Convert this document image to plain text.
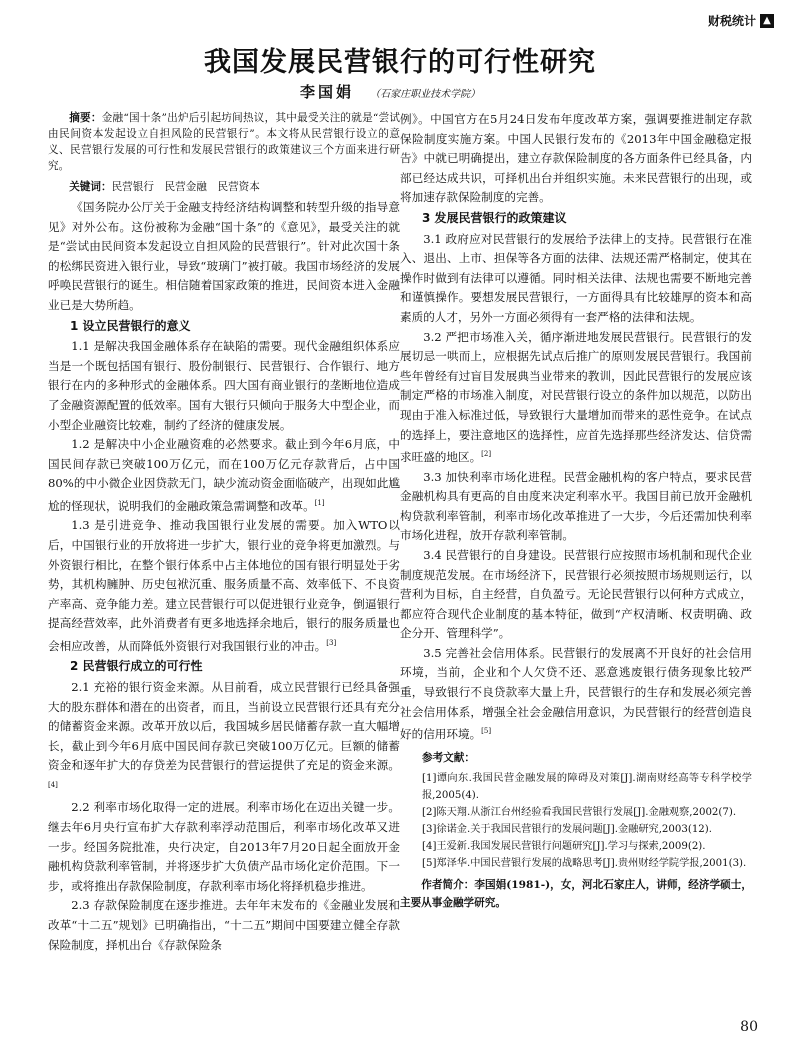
财税统计 ▲
我国发展民营银行的可行性研究
李国娟 （石家庄职业技术学院）

摘要：金融“国十条”出炉后引起坊间热议，其中最受关注的就是“尝试由民间资本发起设立自担风险的民营银行”。本文将从民营银行设立的意义、民营银行发展的可行性和发展民营银行的政策建议三个方面来进行研究。

关键词：民营银行　民营金融　民营资本

《国务院办公厅关于金融支持经济结构调整和转型升级的指导意见》对外公布。这份被称为金融“国十条”的《意见》，最受关注的就是“尝试由民间资本发起设立自担风险的民营银行”。针对此次国十条的松绑民资进入银行业，导致“玻璃门”被打破。我国市场经济的发展呼唤民营银行的诞生。相信随着国家政策的推进，民间资本进入金融业已是大势所趋。

1 设立民营银行的意义

1.1 是解决我国金融体系存在缺陷的需要。现代金融组织体系应当是一个既包括国有银行、股份制银行、民营银行、合作银行、地方银行在内的多种形式的金融体系。四大国有商业银行的垄断地位造成了金融资源配置的低效率。国有大银行只倾向于服务大中型企业，而小型企业融资比较难，制约了经济的健康发展。

1.2 是解决中小企业融资难的必然要求。截止到今年6月底，中国民间存款已突破100万亿元，而在100万亿元存款背后，占中国80%的中小微企业因贷款无门，缺少流动资金面临破产，出现如此尴尬的怪现状，说明我们的金融政策急需调整和改革。[1]

1.3 是引进竞争、推动我国银行业发展的需要。加入WTO以后，中国银行业的开放将进一步扩大，银行业的竞争将更加激烈。与外资银行相比，在整个银行体系中占主体地位的国有银行明显处于劣势，其机构臃肿、历史包袱沉重、服务质量不高、效率低下、不良资产率高、竞争能力差。建立民营银行可以促进银行业竞争，倒逼银行提高经营效率，此外消费者有更多地选择余地后，银行的服务质量也会相应改善，从而降低外资银行对我国银行业的冲击。[3]

2 民营银行成立的可行性

2.1 充裕的银行资金来源。从目前看，成立民营银行已经具备强大的股东群体和潜在的出资者，而且，当前设立民营银行还具有充分的储蓄资金来源。改革开放以后，我国城乡居民储蓄存款一直大幅增长，截止到今年6月底中国民间存款已突破100万亿元。巨额的储蓄资金和逐年扩大的存贷差为民营银行的营运提供了充足的资金来源。[4]

2.2 利率市场化取得一定的进展。利率市场化在迈出关键一步。继去年6月央行宣布扩大存款利率浮动范围后，利率市场化改革又进一步。经国务院批准，央行决定，自2013年7月20日起全面放开金融机构贷款利率管制，并将逐步扩大负债产品市场化定价范围。下一步，或将推出存款保险制度，存款利率市场化将择机稳步推进。

2.3 存款保险制度在逐步推进。去年年末发布的《金融业发展和改革“十二五”规划》已明确指出，“十二五”期间中国要建立健全存款保险制度，择机出台《存款保险条

例》。中国官方在5月24日发布年度改革方案，强调要推进制定存款保险制度实施方案。中国人民银行发布的《2013年中国金融稳定报告》中就已明确提出，建立存款保险制度的各方面条件已经具备，内部已经达成共识，可择机出台并组织实施。未来民营银行的出现，或将加速存款保险制度的完善。

3 发展民营银行的政策建议

3.1 政府应对民营银行的发展给予法律上的支持。民营银行在准入、退出、上市、担保等各方面的法律、法规还需严格制定，使其在操作时做到有法律可以遵循。同时相关法律、法规也需要不断地完善和谨慎操作。要想发展民营银行，一方面得具有比较雄厚的资本和高素质的人才，另外一方面必须得有一套严格的法律和法规。

3.2 严把市场准入关，循序渐进地发展民营银行。民营银行的发展切忌一哄而上，应根据先试点后推广的原则发展民营银行。我国前些年曾经有过盲目发展典当业带来的教训，因此民营银行的发展应该制定严格的市场准入制度，对民营银行设立的条件加以规范，以防出现由于准入标准过低，导致银行大量增加而带来的恶性竞争。在试点的选择上，要注意地区的选择性，应首先选择那些经济发达、信贷需求旺盛的地区。[2]

3.3 加快利率市场化进程。民营金融机构的客户特点，要求民营金融机构具有更高的自由度来决定利率水平。我国目前已放开金融机构贷款利率管制，利率市场化改革推进了一大步，今后还需加快利率市场化进程，放开存款利率管制。

3.4 民营银行的自身建设。民营银行应按照市场机制和现代企业制度规范发展。在市场经济下，民营银行必须按照市场规则运行，以营利为目标，自主经营，自负盈亏。无论民营银行以何种方式成立，都应符合现代企业制度的基本特征，做到“产权清晰、权责明确、政企分开、管理科学”。

3.5 完善社会信用体系。民营银行的发展离不开良好的社会信用环境，当前，企业和个人欠贷不还、恶意逃废银行债务现象比较严重，导致银行不良贷款率大量上升，民营银行的生存和发展必须完善社会信用体系，增强全社会金融信用意识，为民营银行的经营创造良好的信用环境。[5]

参考文献：

[1]谭向东.我国民营金融发展的障碍及对策[J].湖南财经高等专科学校学报,2005(4).

[2]陈天翔.从浙江台州经验看我国民营银行发展[J].金融观察,2002(7).

[3]徐诺金.关于我国民营银行的发展问题[J].金融研究,2003(12).

[4]王爱新.我国发展民营银行问题研究[J].学习与探索,2009(2).

[5]郑泽华.中国民营银行发展的战略思考[J].贵州财经学院学报,2001(3).

作者简介：李国娟(1981-)，女，河北石家庄人，讲师，经济学硕士，主要从事金融学研究。

80
